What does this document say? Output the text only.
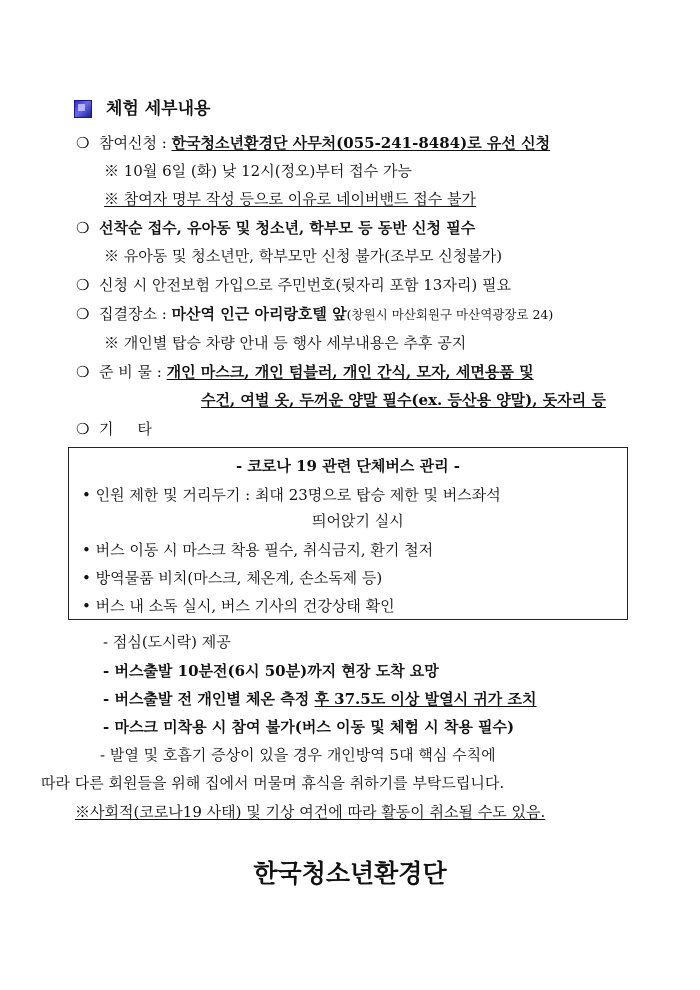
체험 세부내용
❍ 참여신청 : 한국청소년환경단 사무처(055-241-8484)로 유선 신청
※ 10월 6일 (화) 낮 12시(정오)부터 접수 가능
※ 참여자 명부 작성 등으로 이유로 네이버밴드 접수 불가
❍ 선착순 접수, 유아동 및 청소년, 학부모 등 동반 신청 필수
※ 유아동 및 청소년만, 학부모만 신청 불가(조부모 신청불가)
❍ 신청 시 안전보험 가입으로 주민번호(뒷자리 포함 13자리) 필요
❍ 집결장소 : 마산역 인근 아리랑호텔 앞(창원시 마산회원구 마산역광장로 24)
※ 개인별 탑승 차량 안내 등 행사 세부내용은 추후 공지
❍ 준 비 물 : 개인 마스크, 개인 텀블러, 개인 간식, 모자, 세면용품 및
수건, 여벌 옷, 두꺼운 양말 필수(ex. 등산용 양말), 돗자리 등
❍ 기     타
- 코로나 19 관련 단체버스 관리 -
• 인원 제한 및 거리두기 : 최대 23명으로 탑승 제한 및 버스좌석
띄어앉기 실시
• 버스 이동 시 마스크 착용 필수, 취식금지, 환기 철저
• 방역물품 비치(마스크, 체온계, 손소독제 등)
• 버스 내 소독 실시, 버스 기사의 건강상태 확인
- 점심(도시락) 제공
- 버스출발 10분전(6시 50분)까지 현장 도착 요망
- 버스출발 전 개인별 체온 측정 후 37.5도 이상 발열시 귀가 조치
- 마스크 미착용 시 참여 불가(버스 이동 및 체험 시 착용 필수)
- 발열 및 호흡기 증상이 있을 경우 개인방역 5대 핵심 수칙에
따라 다른 회원들을 위해 집에서 머물며 휴식을 취하기를 부탁드립니다.
※사회적(코로나19 사태) 및 기상 여건에 따라 활동이 취소될 수도 있음.
한국청소년환경단
